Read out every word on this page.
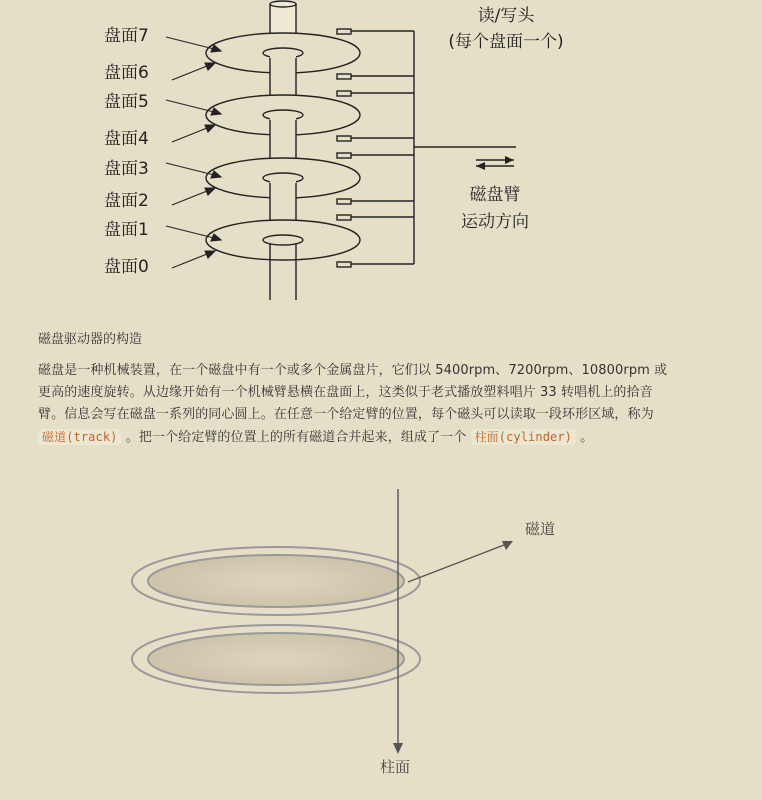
盘面7
盘面6
盘面5
盘面4
盘面3
盘面2
盘面1
盘面0
读/写头
(每个盘面一个)
磁盘臂
运动方向
磁盘驱动器的构造
磁盘是一种机械装置，在一个磁盘中有一个或多个金属盘片，它们以 5400rpm、7200rpm、10800rpm 或更高的速度旋转。从边缘开始有一个机械臂悬横在盘面上，这类似于老式播放塑料唱片 33 转唱机上的拾音臂。信息会写在磁盘一系列的同心圆上。在任意一个给定臂的位置，每个磁头可以读取一段环形区域，称为 磁道(track) 。把一个给定臂的位置上的所有磁道合并起来，组成了一个 柱面(cylinder) 。
磁道
柱面
